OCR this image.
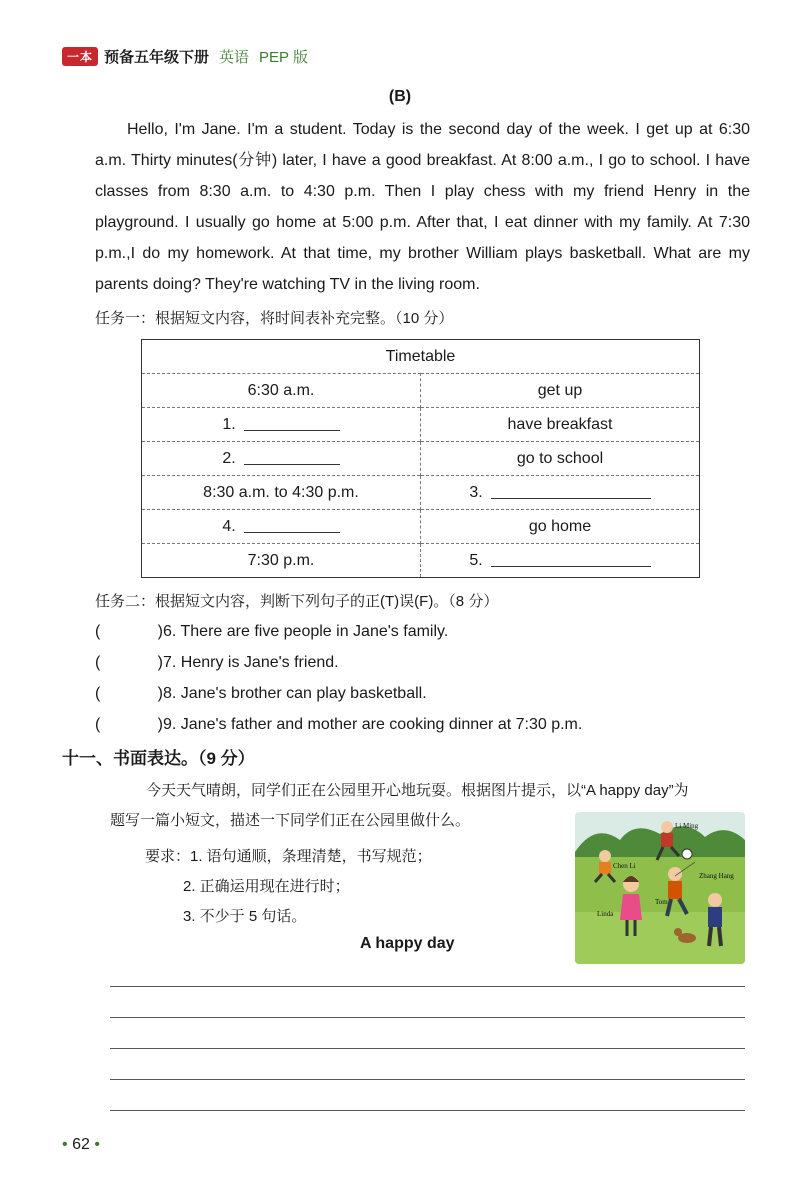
一本 预备五年级下册 英语 PEP 版
(B)

Hello, I'm Jane. I'm a student. Today is the second day of the week. I get up at 6:30 a.m. Thirty minutes(分钟) later, I have a good breakfast. At 8:00 a.m., I go to school. I have classes from 8:30 a.m. to 4:30 p.m. Then I play chess with my friend Henry in the playground. I usually go home at 5:00 p.m. After that, I eat dinner with my family. At 7:30 p.m.,I do my homework. At that time, my brother William plays basketball. What are my parents doing? They're watching TV in the living room.

任务一：根据短文内容，将时间表补充完整。（10 分）
Timetable	
6:30 a.m.	get up
1.	have breakfast
2.	go to school
8:30 a.m. to 4:30 p.m.	3.
4.	go home
7:30 p.m.	5.
任务二：根据短文内容，判断下列句子的正(T)误(F)。（8 分）
(	) 6. There are five people in Jane's family.
(	) 7. Henry is Jane's friend.
(	) 8. Jane's brother can play basketball.
(	) 9. Jane's father and mother are cooking dinner at 7:30 p.m.
十一、书面表达。（9 分）
今天天气晴朗，同学们正在公园里开心地玩耍。根据图片提示，以“A happy day”为
题写一篇小短文，描述一下同学们正在公园里做什么。
要求：1. 语句通顺，条理清楚，书写规范；
2. 正确运用现在进行时；
3. 不少于 5 句话。
A happy day
Li Ming
Chen Li
Zhang Hang
Tom
Linda
• 62 •
